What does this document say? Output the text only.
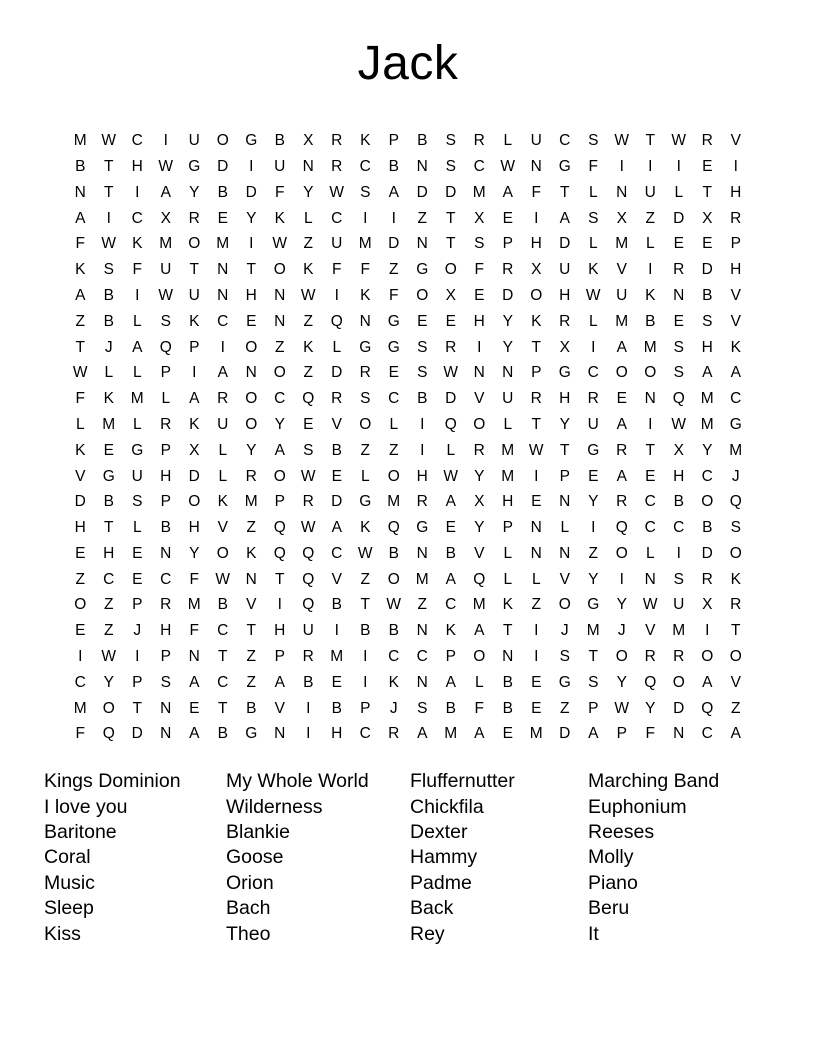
Jack
M	W	C	I	U	O	G	B	X	R	K	P	B	S	R	L	U	C	S	W	T	W	R	V
B	T	H	W	G	D	I	U	N	R	C	B	N	S	C	W	N	G	F	I	I	I	E	I
N	T	I	A	Y	B	D	F	Y	W	S	A	D	D	M	A	F	T	L	N	U	L	T	H
A	I	C	X	R	E	Y	K	L	C	I	I	Z	T	X	E	I	A	S	X	Z	D	X	R
F	W	K	M	O	M	I	W	Z	U	M	D	N	T	S	P	H	D	L	M	L	E	E	P
K	S	F	U	T	N	T	O	K	F	F	Z	G	O	F	R	X	U	K	V	I	R	D	H
A	B	I	W	U	N	H	N	W	I	K	F	O	X	E	D	O	H	W	U	K	N	B	V
Z	B	L	S	K	C	E	N	Z	Q	N	G	E	E	H	Y	K	R	L	M	B	E	S	V
T	J	A	Q	P	I	O	Z	K	L	G	G	S	R	I	Y	T	X	I	A	M	S	H	K
W	L	L	P	I	A	N	O	Z	D	R	E	S	W	N	N	P	G	C	O	O	S	A	A
F	K	M	L	A	R	O	C	Q	R	S	C	B	D	V	U	R	H	R	E	N	Q	M	C
L	M	L	R	K	U	O	Y	E	V	O	L	I	Q	O	L	T	Y	U	A	I	W	M	G
K	E	G	P	X	L	Y	A	S	B	Z	Z	I	L	R	M	W	T	G	R	T	X	Y	M
V	G	U	H	D	L	R	O	W	E	L	O	H	W	Y	M	I	P	E	A	E	H	C	J
D	B	S	P	O	K	M	P	R	D	G	M	R	A	X	H	E	N	Y	R	C	B	O	Q
H	T	L	B	H	V	Z	Q	W	A	K	Q	G	E	Y	P	N	L	I	Q	C	C	B	S
E	H	E	N	Y	O	K	Q	Q	C	W	B	N	B	V	L	N	N	Z	O	L	I	D	O
Z	C	E	C	F	W	N	T	Q	V	Z	O	M	A	Q	L	L	V	Y	I	N	S	R	K
O	Z	P	R	M	B	V	I	Q	B	T	W	Z	C	M	K	Z	O	G	Y	W	U	X	R
E	Z	J	H	F	C	T	H	U	I	B	B	N	K	A	T	I	J	M	J	V	M	I	T
I	W	I	P	N	T	Z	P	R	M	I	C	C	P	O	N	I	S	T	O	R	R	O	O
C	Y	P	S	A	C	Z	A	B	E	I	K	N	A	L	B	E	G	S	Y	Q	O	A	V
M	O	T	N	E	T	B	V	I	B	P	J	S	B	F	B	E	Z	P	W	Y	D	Q	Z
F	Q	D	N	A	B	G	N	I	H	C	R	A	M	A	E	M	D	A	P	F	N	C	A
Kings Dominion
I love you
Baritone
Coral
Music
Sleep
Kiss
My Whole World
Wilderness
Blankie
Goose
Orion
Bach
Theo
Fluffernutter
Chickfila
Dexter
Hammy
Padme
Back
Rey
Marching Band
Euphonium
Reeses
Molly
Piano
Beru
It
